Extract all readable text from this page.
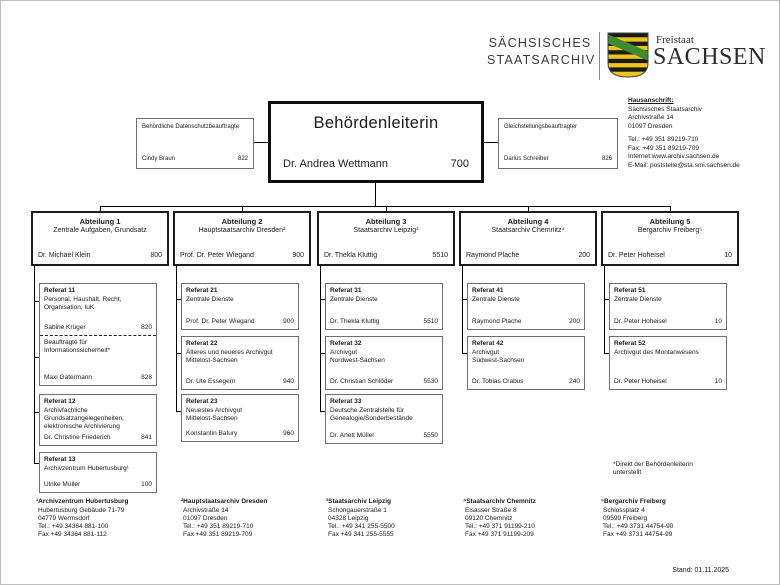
SÄCHSISCHES
STAATSARCHIV
Freistaat
SACHSEN
Hausanschrift:
Sächsisches Staatsarchiv
Archivstraße 14
01097 Dresden
Tel.: +49 351 89219-710
Fax: +49 351 89219-709
Internet:www.archiv.sachsen.de
E-Mail: poststelle@sta.smi.sachsen.de
Behördliche Datenschutzbeauftragte
Cindy Braun	822
Behördenleiterin
Dr. Andrea Wettmann	700
Gleichstellungsbeauftragter
Darius Schreiber	826
Abteilung 1
Zentrale Aufgaben, Grundsatz
Dr. Michael Klein	800
Abteilung 2
Hauptstaatsarchiv Dresden²
Prof. Dr. Peter Wiegand	900
Abteilung 3
Staatsarchiv Leipzig³
Dr. Thekla Kluttig	5510
Abteilung 4
Staatsarchiv Chemnitz⁴
Raymond Plache	200
Abteilung 5
Bergarchiv Freiberg⁵
Dr. Peter Hoheisel	10
Referat 11
Personal, Haushalt, Recht,
Organisation, IuK
Sabine Krüger	820
Beauftragte für
Informationssicherheit*
Maxi Gatermann	828
Referat 12
Archivfachliche
Grundsatzangelegenheiten,
elektronische Archivierung
Dr. Christine Friederich	841
Referat 13
Archivzentrum Hubertusburg¹
Ulrike Müller	100
Referat 21
Zentrale Dienste
Prof. Dr. Peter Wiegand	900
Referat 22
Älteres und neueres Archivgut
Mittelost-Sachsen
Dr. Ute Essegern	940
Referat 23
Neuestes Archivgut
Mittelost-Sachsen
Konstantin Batury	960
Referat 31
Zentrale Dienste
Dr. Thekla Kluttig	5510
Referat 32
Archivgut
Nordwest-Sachsen
Dr. Christian Schlöder	5530
Referat 33
Deutsche Zentralstelle für
Genealogie/Sonderbestände
Dr. Anett Müller	5550
Referat 41
Zentrale Dienste
Raymond Plache	200
Referat 42
Archivgut
Südwest-Sachsen
Dr. Tobias Crabus	240
Referat 51
Zentrale Dienste
Dr. Peter Hoheisel	10
Referat 52
Archivgut des Montanwesens
Dr. Peter Hoheisel	10
*Direkt der Behördenleiterin
unterstellt
¹Archivzentrum Hubertusburg
Hubertusburg Gebäude 71-79
04779 Wermsdorf
Tel.: +49 34364 881-100
Fax +49 34364 881-112
²Hauptstaatsarchiv Dresden
Archivstraße 14
01097 Dresden
Tel.: +49 351 89219-710
Fax +49 351 89219-709
³Staatsarchiv Leipzig
Schongauerstraße 1
04328 Leipzig
Tel.: +49 341 255-5500
Fax +49 341 255-5555
⁴Staatsarchiv Chemnitz
Elsasser Straße 8
09120 Chemnitz
Tel.: +49 371 91199-210
Fax +49 371 91199-209
⁵Bergarchiv Freiberg
Schlossplatz 4
09599 Freiberg
Tel.: +49 3731 44754-90
Fax +49 3731 44754-99
Stand: 01.11.2025
